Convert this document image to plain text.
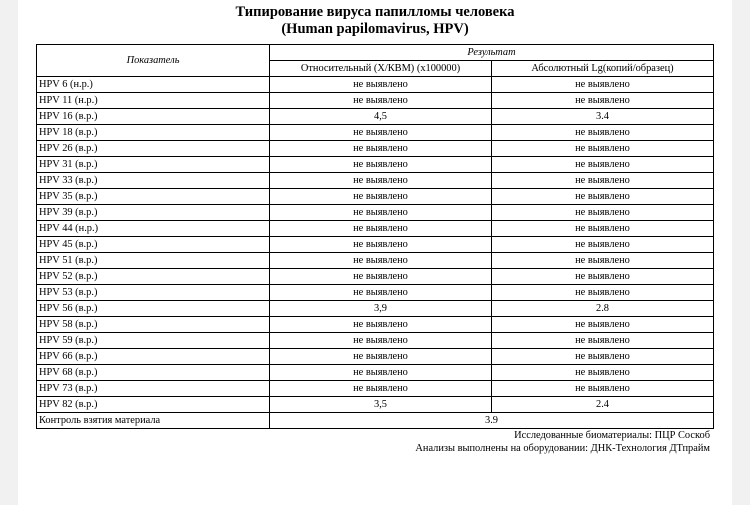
Типирование вируса папилломы человека
(Human papilomavirus, HPV)
Показатель	Результат	
	Относительный (Х/КВМ) (х100000)	Абсолютный Lg(копий/образец)
HPV 6 (н.р.)	не выявлено	не выявлено
HPV 11 (н.р.)	не выявлено	не выявлено
HPV 16 (в.р.)	4,5	3.4
HPV 18 (в.р.)	не выявлено	не выявлено
HPV 26 (в.р.)	не выявлено	не выявлено
HPV 31 (в.р.)	не выявлено	не выявлено
HPV 33 (в.р.)	не выявлено	не выявлено
HPV 35 (в.р.)	не выявлено	не выявлено
HPV 39 (в.р.)	не выявлено	не выявлено
HPV 44 (н.р.)	не выявлено	не выявлено
HPV 45 (в.р.)	не выявлено	не выявлено
HPV 51 (в.р.)	не выявлено	не выявлено
HPV 52 (в.р.)	не выявлено	не выявлено
HPV 53 (в.р.)	не выявлено	не выявлено
HPV 56 (в.р.)	3,9	2.8
HPV 58 (в.р.)	не выявлено	не выявлено
HPV 59 (в.р.)	не выявлено	не выявлено
HPV 66 (в.р.)	не выявлено	не выявлено
HPV 68 (в.р.)	не выявлено	не выявлено
HPV 73 (в.р.)	не выявлено	не выявлено
HPV 82 (в.р.)	3,5	2.4
Контроль взятия материала	3.9	

Исследованные биоматериалы: ПЦР Соскоб

Анализы выполнены на оборудовании: ДНК-Технология ДТпрайм
